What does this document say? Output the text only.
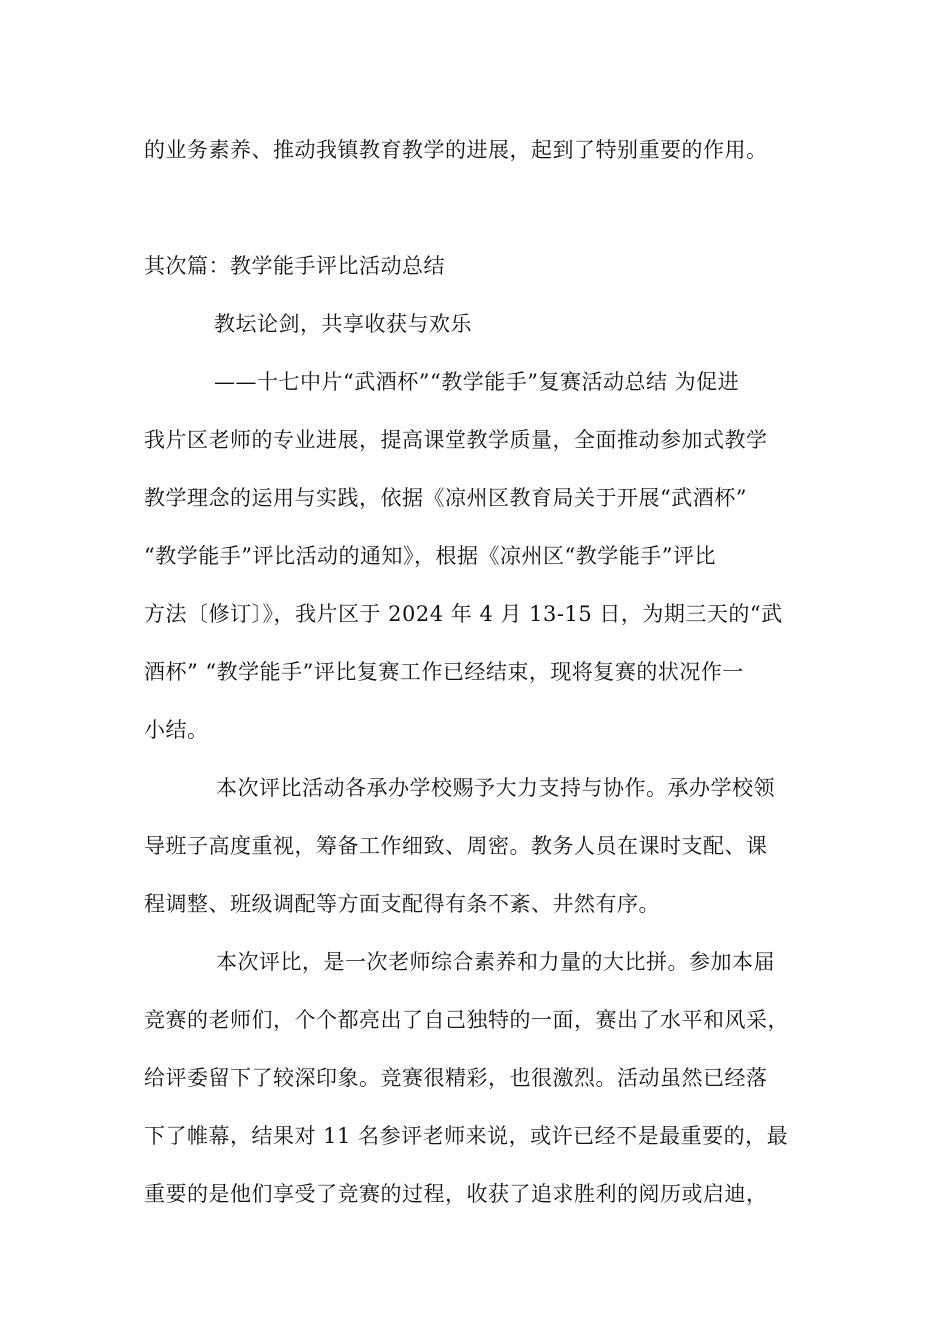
的业务素养、推动我镇教育教学的进展，起到了特别重要的作用。
其次篇：教学能手评比活动总结
教坛论剑，共享收获与欢乐
——十七中片“武酒杯”“教学能手”复赛活动总结 为促进
我片区老师的专业进展，提高课堂教学质量，全面推动参加式教学
教学理念的运用与实践，依据《凉州区教育局关于开展“武酒杯”
“教学能手”评比活动的通知》，根据《凉州区“教学能手”评比
方法〔修订〕》，我片区于 2024 年 4 月 13-15 日，为期三天的“武
酒杯” “教学能手”评比复赛工作已经结束，现将复赛的状况作一
小结。
本次评比活动各承办学校赐予大力支持与协作。承办学校领
导班子高度重视，筹备工作细致、周密。教务人员在课时支配、课
程调整、班级调配等方面支配得有条不紊、井然有序。
本次评比，是一次老师综合素养和力量的大比拼。参加本届
竞赛的老师们，个个都亮出了自己独特的一面，赛出了水平和风采，
给评委留下了较深印象。竞赛很精彩，也很激烈。活动虽然已经落
下了帷幕，结果对 11 名参评老师来说，或许已经不是最重要的，最
重要的是他们享受了竞赛的过程，收获了追求胜利的阅历或启迪，
